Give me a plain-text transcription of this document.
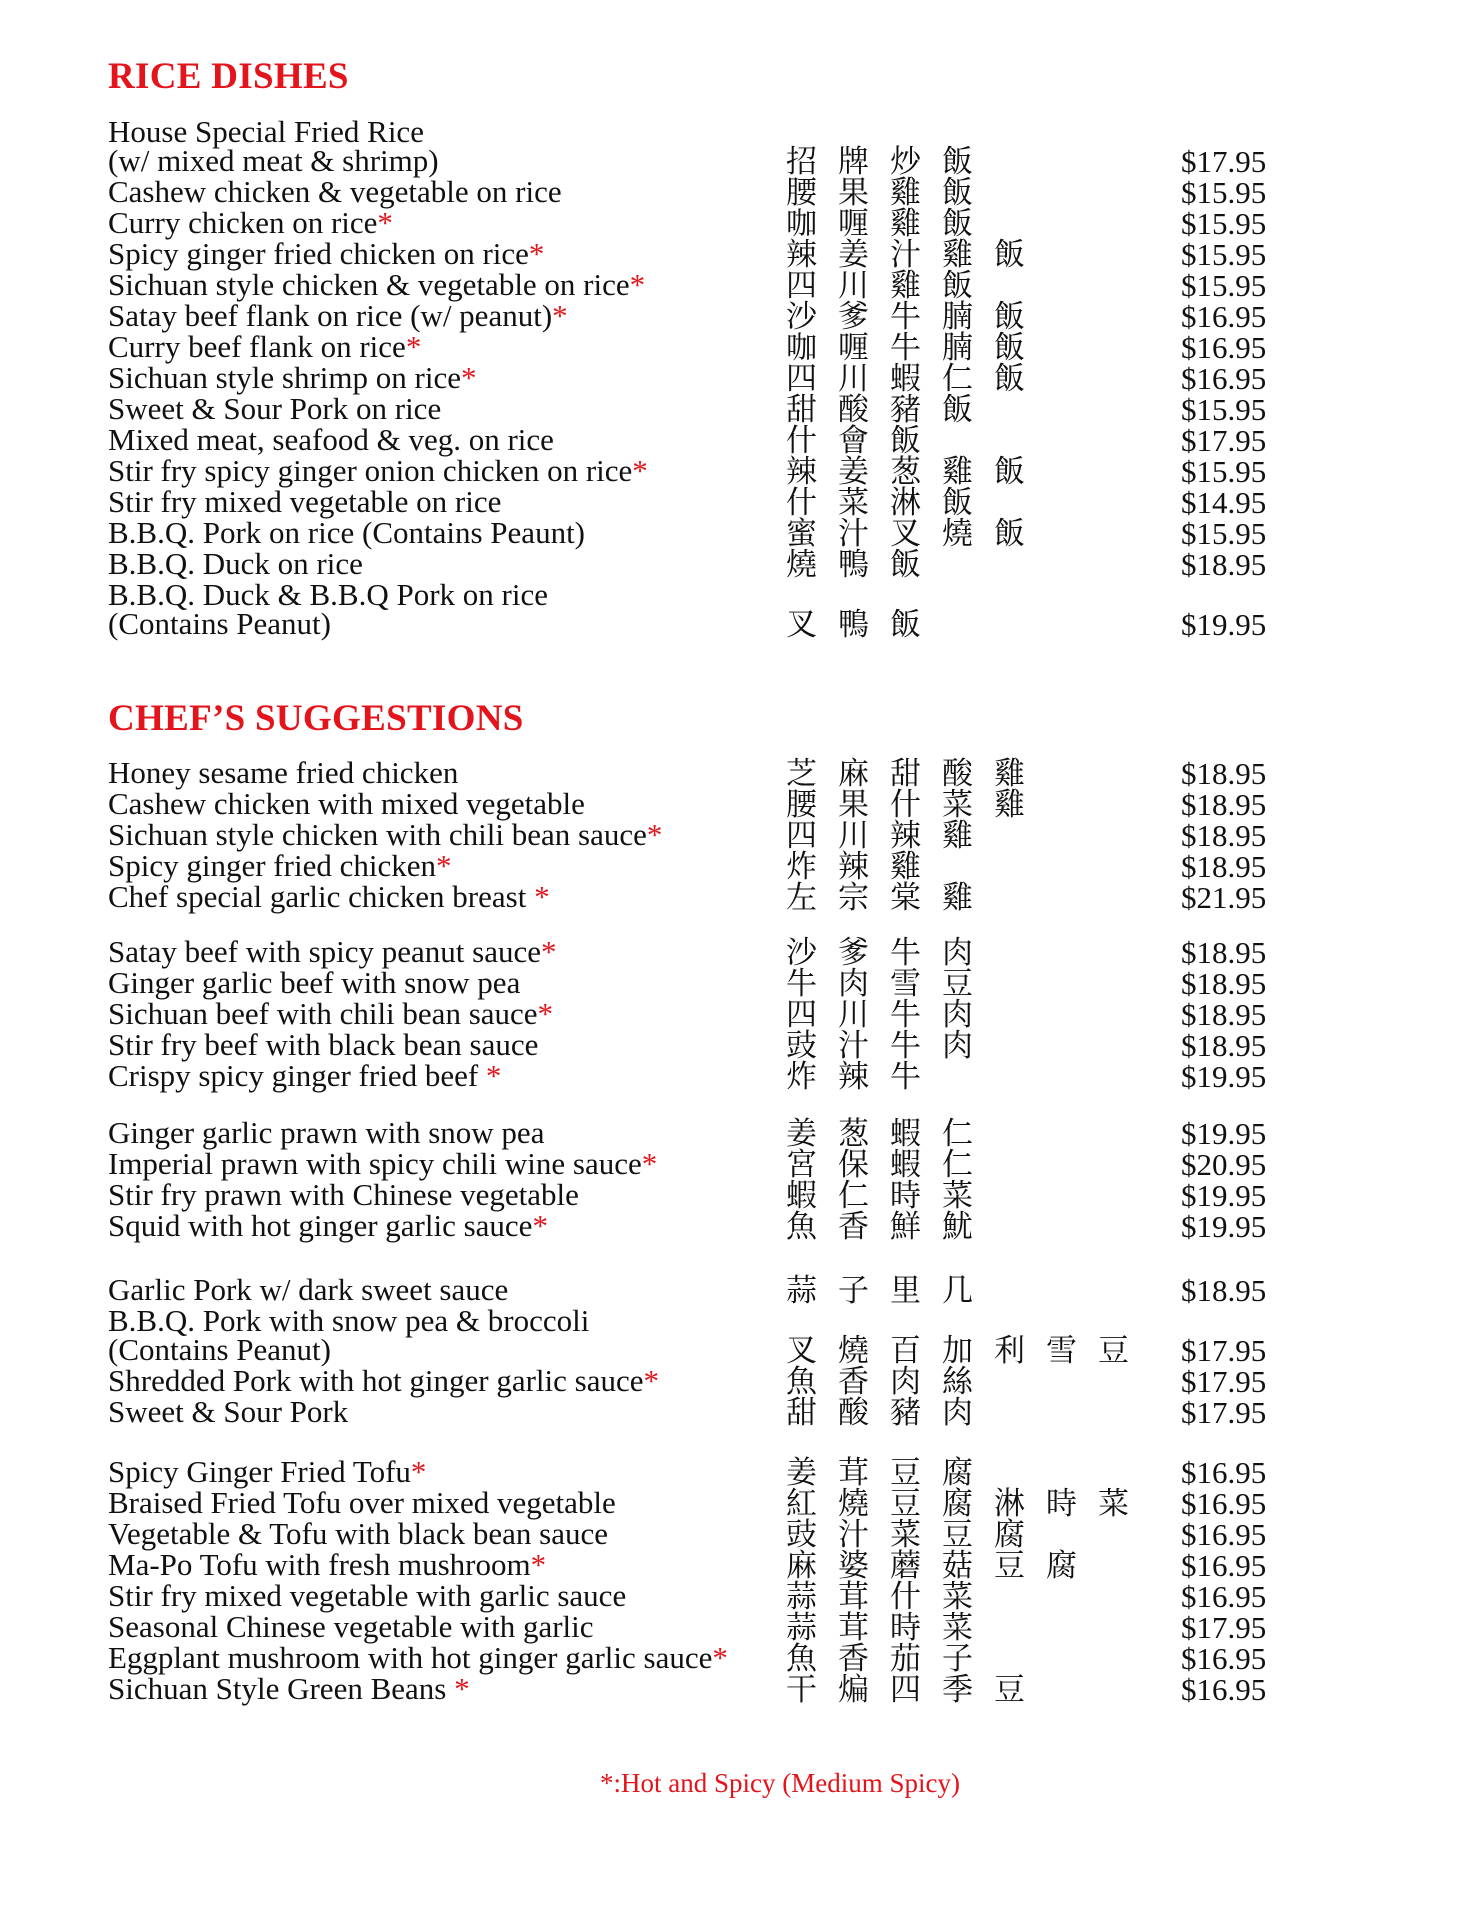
RICE DISHES
House Special Fried Rice
(w/ mixed meat & shrimp)	招牌炒飯	$17.95
Cashew chicken & vegetable on rice	腰果雞飯	$15.95
Curry chicken on rice*	咖喱雞飯	$15.95
Spicy ginger fried chicken on rice*	辣姜汁雞飯	$15.95
Sichuan style chicken & vegetable on rice*	四川雞飯	$15.95
Satay beef flank on rice (w/ peanut)*	沙爹牛腩飯	$16.95
Curry beef flank on rice*	咖喱牛腩飯	$16.95
Sichuan style shrimp on rice*	四川蝦仁飯	$16.95
Sweet & Sour Pork on rice	甜酸豬飯	$15.95
Mixed meat, seafood & veg. on rice	什會飯	$17.95
Stir fry spicy ginger onion chicken on rice*	辣姜葱雞飯	$15.95
Stir fry mixed vegetable on rice	什菜淋飯	$14.95
B.B.Q. Pork on rice (Contains Peaunt)	蜜汁叉燒飯	$15.95
B.B.Q. Duck on rice	燒鴨飯	$18.95
B.B.Q. Duck & B.B.Q Pork on rice
(Contains Peanut)	叉鴨飯	$19.95
CHEF’S SUGGESTIONS
Honey sesame fried chicken	芝麻甜酸雞	$18.95
Cashew chicken with mixed vegetable	腰果什菜雞	$18.95
Sichuan style chicken with chili bean sauce*	四川辣雞	$18.95
Spicy ginger fried chicken*	炸辣雞	$18.95
Chef special garlic chicken breast *	左宗棠雞	$21.95
Satay beef with spicy peanut sauce*	沙爹牛肉	$18.95
Ginger garlic beef with snow pea	牛肉雪豆	$18.95
Sichuan beef with chili bean sauce*	四川牛肉	$18.95
Stir fry beef with black bean sauce	豉汁牛肉	$18.95
Crispy spicy ginger fried beef *	炸辣牛	$19.95
Ginger garlic prawn with snow pea	姜葱蝦仁	$19.95
Imperial prawn with spicy chili wine sauce*	宮保蝦仁	$20.95
Stir fry prawn with Chinese vegetable	蝦仁時菜	$19.95
Squid with hot ginger garlic sauce*	魚香鮮魷	$19.95
Garlic Pork w/ dark sweet sauce	蒜子里几	$18.95
B.B.Q. Pork with snow pea & broccoli
(Contains Peanut)	叉燒百加利雪豆 $17.95
Shredded Pork with hot ginger garlic sauce*	魚香肉絲	$17.95
Sweet & Sour Pork	甜酸豬肉	$17.95
Spicy Ginger Fried Tofu*	姜茸豆腐	$16.95
Braised Fried Tofu over mixed vegetable	紅燒豆腐淋時菜 $16.95
Vegetable & Tofu with black bean sauce	豉汁菜豆腐	$16.95
Ma-Po Tofu with fresh mushroom*	麻婆蘑菇豆腐	$16.95
Stir fry mixed vegetable with garlic sauce	蒜茸什菜	$16.95
Seasonal Chinese vegetable with garlic	蒜茸時菜	$17.95
Eggplant mushroom with hot ginger garlic sauce*	魚香茄子	$16.95
Sichuan Style Green Beans *	干煸四季豆	$16.95
*:Hot and Spicy (Medium Spicy)
